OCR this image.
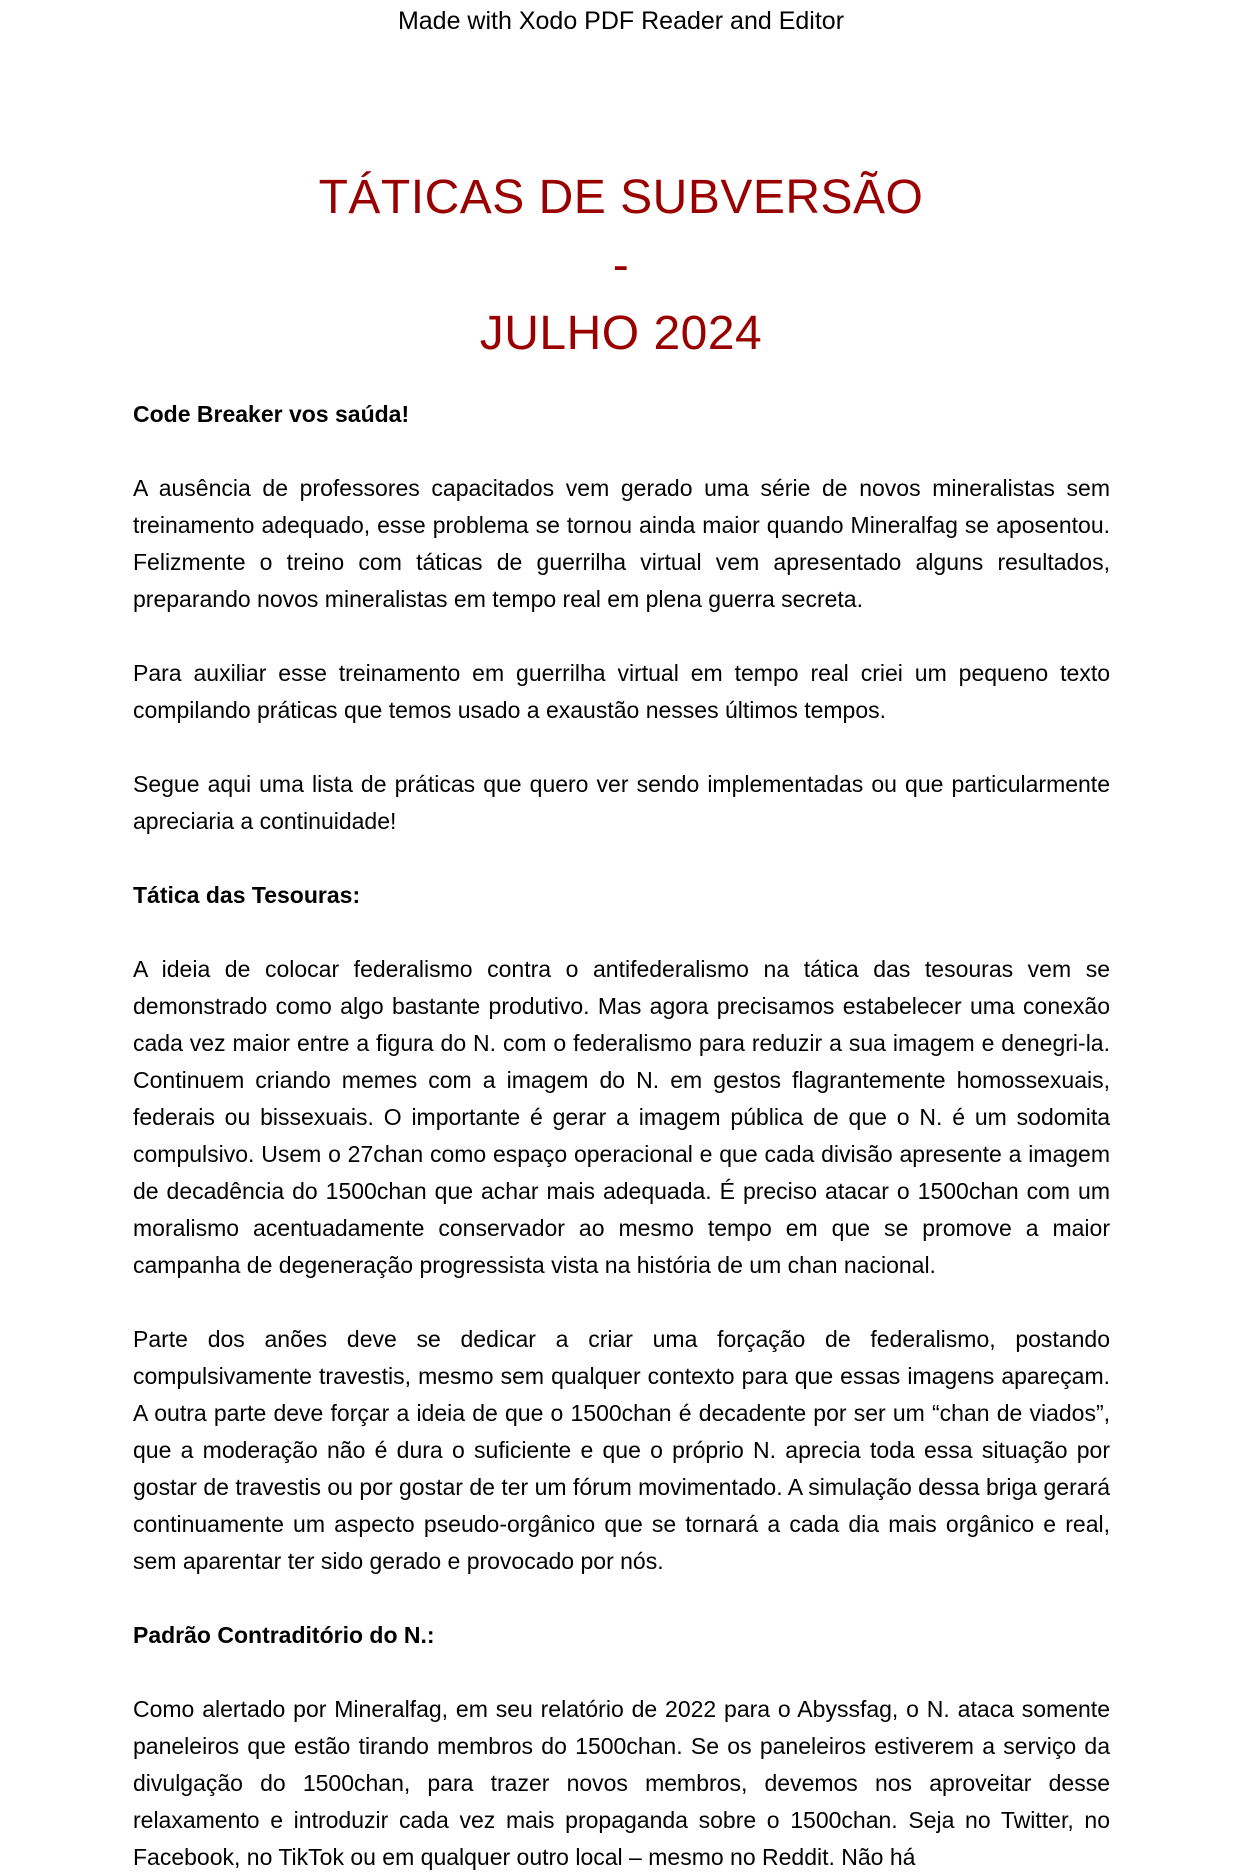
Made with Xodo PDF Reader and Editor
TÁTICAS DE SUBVERSÃO
-
JULHO 2024

Code Breaker vos saúda!

A ausência de professores capacitados vem gerado uma série de novos mineralistas sem treinamento adequado, esse problema se tornou ainda maior quando Mineralfag se aposentou. Felizmente o treino com táticas de guerrilha virtual vem apresentado alguns resultados, preparando novos mineralistas em tempo real em plena guerra secreta.

Para auxiliar esse treinamento em guerrilha virtual em tempo real criei um pequeno texto compilando práticas que temos usado a exaustão nesses últimos tempos.

Segue aqui uma lista de práticas que quero ver sendo implementadas ou que particularmente apreciaria a continuidade!

Tática das Tesouras:

A ideia de colocar federalismo contra o antifederalismo na tática das tesouras vem se demonstrado como algo bastante produtivo. Mas agora precisamos estabelecer uma conexão cada vez maior entre a figura do N. com o federalismo para reduzir a sua imagem e denegri-la. Continuem criando memes com a imagem do N. em gestos flagrantemente homossexuais, federais ou bissexuais. O importante é gerar a imagem pública de que o N. é um sodomita compulsivo. Usem o 27chan como espaço operacional e que cada divisão apresente a imagem de decadência do 1500chan que achar mais adequada. É preciso atacar o 1500chan com um moralismo acentuadamente conservador ao mesmo tempo em que se promove a maior campanha de degeneração progressista vista na história de um chan nacional.

Parte dos anões deve se dedicar a criar uma forçação de federalismo, postando compulsivamente travestis, mesmo sem qualquer contexto para que essas imagens apareçam. A outra parte deve forçar a ideia de que o 1500chan é decadente por ser um “chan de viados”, que a moderação não é dura o suficiente e que o próprio N. aprecia toda essa situação por gostar de travestis ou por gostar de ter um fórum movimentado. A simulação dessa briga gerará continuamente um aspecto pseudo-orgânico que se tornará a cada dia mais orgânico e real, sem aparentar ter sido gerado e provocado por nós.

Padrão Contraditório do N.:

Como alertado por Mineralfag, em seu relatório de 2022 para o Abyssfag, o N. ataca somente paneleiros que estão tirando membros do 1500chan. Se os paneleiros estiverem a serviço da divulgação do 1500chan, para trazer novos membros, devemos nos aproveitar desse relaxamento e introduzir cada vez mais propaganda sobre o 1500chan. Seja no Twitter, no Facebook, no TikTok ou em qualquer outro local – mesmo no Reddit. Não há
